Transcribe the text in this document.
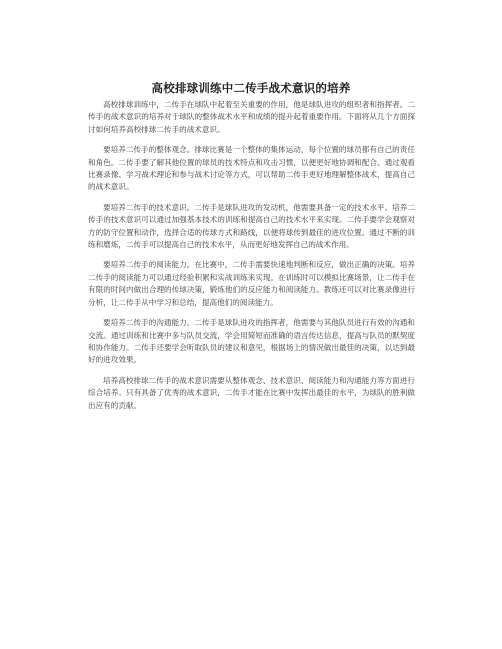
高校排球训练中二传手战术意识的培养

高校排球训练中，二传手在球队中起着至关重要的作用，他是球队进攻的组织者和指挥者。二传手的战术意识的培养对于球队的整体战术水平和成绩的提升起着重要作用。下面将从几个方面探讨如何培养高校排球二传手的战术意识。

要培养二传手的整体观念。排球比赛是一个整体的集体运动，每个位置的球员都有自己的责任和角色。二传手要了解其他位置的球员的技术特点和攻击习惯，以便更好地协调和配合。通过观看比赛录像、学习战术理论和参与战术讨论等方式，可以帮助二传手更好地理解整体战术，提高自己的战术意识。

要培养二传手的技术意识。二传手是球队进攻的发动机，他需要具备一定的技术水平。培养二传手的技术意识可以通过加强基本技术的训练和提高自己的技术水平来实现。二传手要学会观察对方的防守位置和动作，选择合适的传球方式和路线，以便将球传到最佳的进攻位置。通过不断的训练和磨炼，二传手可以提高自己的技术水平，从而更好地发挥自己的战术作用。

要培养二传手的阅读能力。在比赛中，二传手需要快速地判断和反应，做出正确的决策。培养二传手的阅读能力可以通过经验积累和实战训练来实现。在训练时可以模拟比赛场景，让二传手在有限的时间内做出合理的传球决策，锻炼他们的反应能力和阅读能力。教练还可以对比赛录像进行分析，让二传手从中学习和总结，提高他们的阅读能力。

要培养二传手的沟通能力。二传手是球队进攻的指挥者，他需要与其他队员进行有效的沟通和交流。通过训练和比赛中多与队员交流，学会用简短而准确的语言传达信息，提高与队员的默契度和协作能力。二传手还要学会听取队员的建议和意见，根据场上的情况做出最佳的决策，以达到最好的进攻效果。

培养高校排球二传手的战术意识需要从整体观念、技术意识、阅读能力和沟通能力等方面进行综合培养。只有具备了优秀的战术意识，二传手才能在比赛中发挥出最佳的水平，为球队的胜利做出应有的贡献。
